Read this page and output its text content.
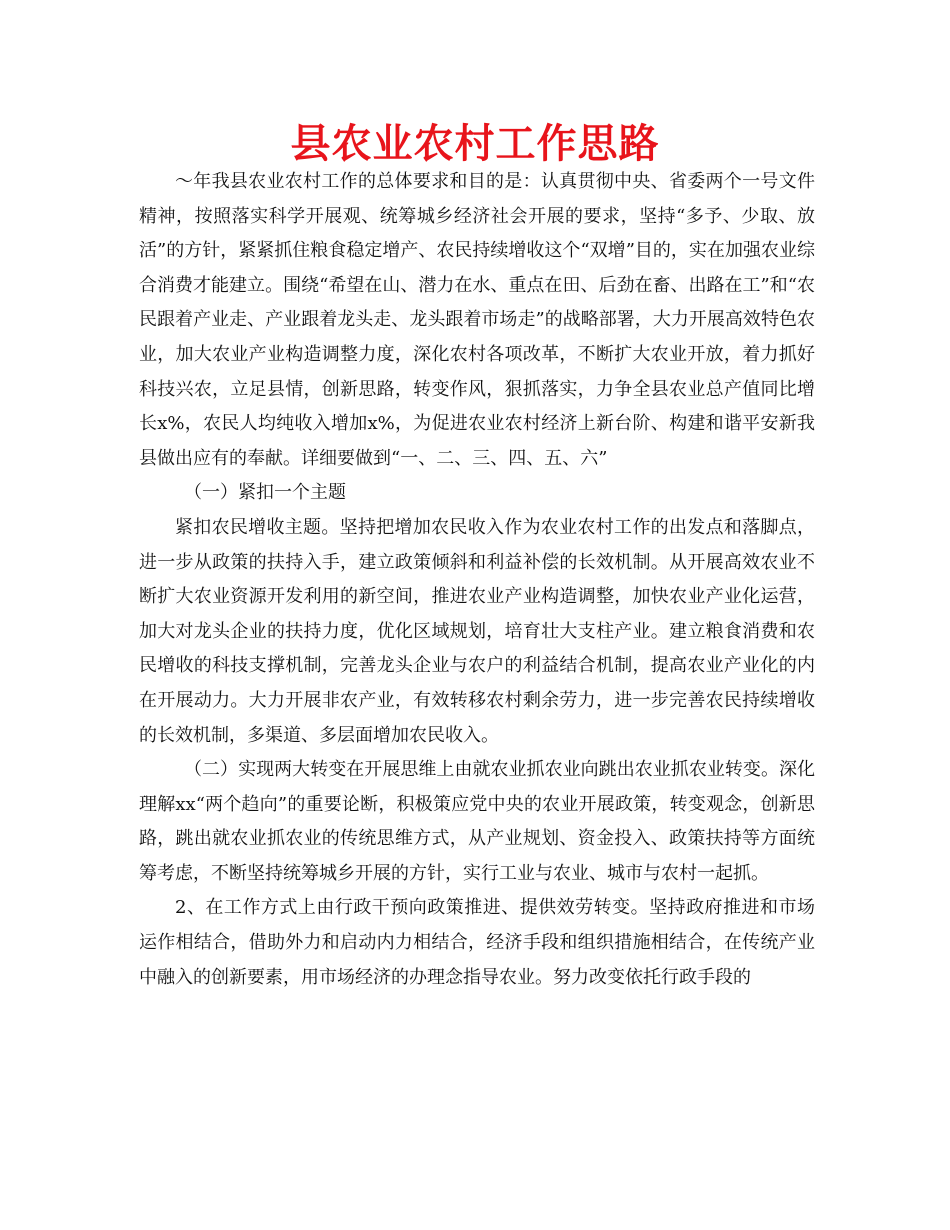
县农业农村工作思路

～年我县农业农村工作的总体要求和目的是：认真贯彻中央、省委两个一号文件精神，按照落实科学开展观、统筹城乡经济社会开展的要求，坚持“多予、少取、放活”的方针，紧紧抓住粮食稳定增产、农民持续增收这个“双增”目的，实在加强农业综合消费才能建立。围绕“希望在山、潜力在水、重点在田、后劲在畜、出路在工”和“农民跟着产业走、产业跟着龙头走、龙头跟着市场走”的战略部署，大力开展高效特色农业，加大农业产业构造调整力度，深化农村各项改革，不断扩大农业开放，着力抓好科技兴农，立足县情，创新思路，转变作风，狠抓落实，力争全县农业总产值同比增长x%，农民人均纯收入增加x%，为促进农业农村经济上新台阶、构建和谐平安新我县做出应有的奉献。详细要做到“一、二、三、四、五、六”

（一）紧扣一个主题

紧扣农民增收主题。坚持把增加农民收入作为农业农村工作的出发点和落脚点，进一步从政策的扶持入手，建立政策倾斜和利益补偿的长效机制。从开展高效农业不断扩大农业资源开发利用的新空间，推进农业产业构造调整，加快农业产业化运营，加大对龙头企业的扶持力度，优化区域规划，培育壮大支柱产业。建立粮食消费和农民增收的科技支撑机制，完善龙头企业与农户的利益结合机制，提高农业产业化的内在开展动力。大力开展非农产业，有效转移农村剩余劳力，进一步完善农民持续增收的长效机制，多渠道、多层面增加农民收入。

（二）实现两大转变在开展思维上由就农业抓农业向跳出农业抓农业转变。深化理解xx“两个趋向”的重要论断，积极策应党中央的农业开展政策，转变观念，创新思路，跳出就农业抓农业的传统思维方式，从产业规划、资金投入、政策扶持等方面统筹考虑，不断坚持统筹城乡开展的方针，实行工业与农业、城市与农村一起抓。

2、在工作方式上由行政干预向政策推进、提供效劳转变。坚持政府推进和市场运作相结合，借助外力和启动内力相结合，经济手段和组织措施相结合，在传统产业中融入的创新要素，用市场经济的办理念指导农业。努力改变依托行政手段的
